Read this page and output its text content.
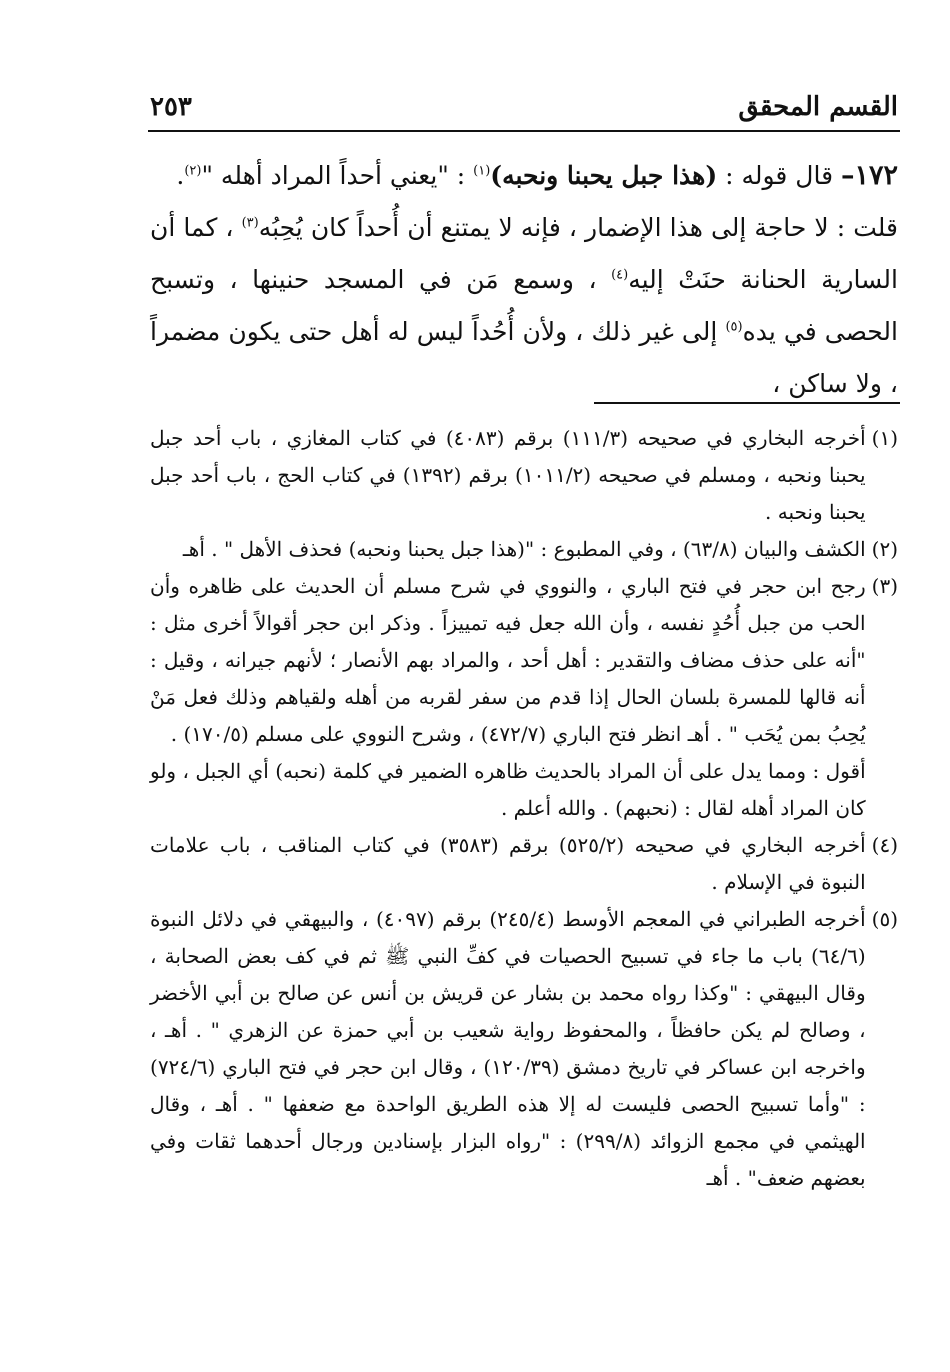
القسم المحقق
٢٥٣

١٧٢– قال قوله : (هذا جبل يحبنا ونحبه)$^{(١)}$ : "يعني أحداً المراد أهله "$^{(٢)}$.

قلت : لا حاجة إلى هذا الإضمار ، فإنه لا يمتنع أن أُحداً كان يُحِبُه$^{(٣)}$ ، كما أن السارية الحنانة حنَتْ إليه$^{(٤)}$ ، وسمع مَن في المسجد حنينها ، وتسبح الحصى في يده$^{(٥)}$ إلى غير ذلك ، ولأن أُحُداً ليس له أهل حتى يكون مضمراً ، ولا ساكن ،

(١)

أخرجه البخاري في صحيحه (١١١/٣) برقم (٤٠٨٣) في كتاب المغازي ، باب أحد جبل يحبنا ونحبه ، ومسلم في صحيحه (١٠١١/٢) برقم (١٣٩٢) في كتاب الحج ، باب أحد جبل يحبنا ونحبه .

(٢)

الكشف والبيان (٦٣/٨) ، وفي المطبوع : "(هذا جبل يحبنا ونحبه) فحذف الأهل " . أهـ

(٣)

رجح ابن حجر في فتح الباري ، والنووي في شرح مسلم أن الحديث على ظاهره وأن الحب من جبل أُحُدٍ نفسه ، وأن الله جعل فيه تمييزاً . وذكر ابن حجر أقوالاً أخرى مثل : "أنه على حذف مضاف والتقدير : أهل أحد ، والمراد بهم الأنصار ؛ لأنهم جيرانه ، وقيل : أنه قالها للمسرة بلسان الحال إذا قدم من سفر لقربه من أهله ولقياهم وذلك فعل مَنْ يُحِبُ بمن يُحَب " . أهـ انظر فتح الباري (٤٧٢/٧) ، وشرح النووي على مسلم (١٧٠/٥) .

أقول : ومما يدل على أن المراد بالحديث ظاهره الضمير في كلمة (نحبه) أي الجبل ، ولو كان المراد أهله لقال : (نحبهم) . والله أعلم .

(٤)

أخرجه البخاري في صحيحه (٥٢٥/٢) برقم (٣٥٨٣) في كتاب المناقب ، باب علامات النبوة في الإسلام .

(٥)

أخرجه الطبراني في المعجم الأوسط (٢٤٥/٤) برقم (٤٠٩٧) ، والبيهقي في دلائل النبوة (٦٤/٦) باب ما جاء في تسبيح الحصيات في كفِّ النبي ﷺ ثم في كف بعض الصحابة ، وقال البيهقي : "وكذا رواه محمد بن بشار عن قريش بن أنس عن صالح بن أبي الأخضر ، وصالح لم يكن حافظاً ، والمحفوظ رواية شعيب بن أبي حمزة عن الزهري " . أهـ ، واخرجه ابن عساكر في تاريخ دمشق (١٢٠/٣٩) ، وقال ابن حجر في فتح الباري (٧٢٤/٦) : "وأما تسبيح الحصى فليست له إلا هذه الطريق الواحدة مع ضعفها " . أهـ ، وقال الهيثمي في مجمع الزوائد (٢٩٩/٨) : "رواه البزار بإسنادين ورجال أحدهما ثقات وفي بعضهم ضعف" . أهـ
